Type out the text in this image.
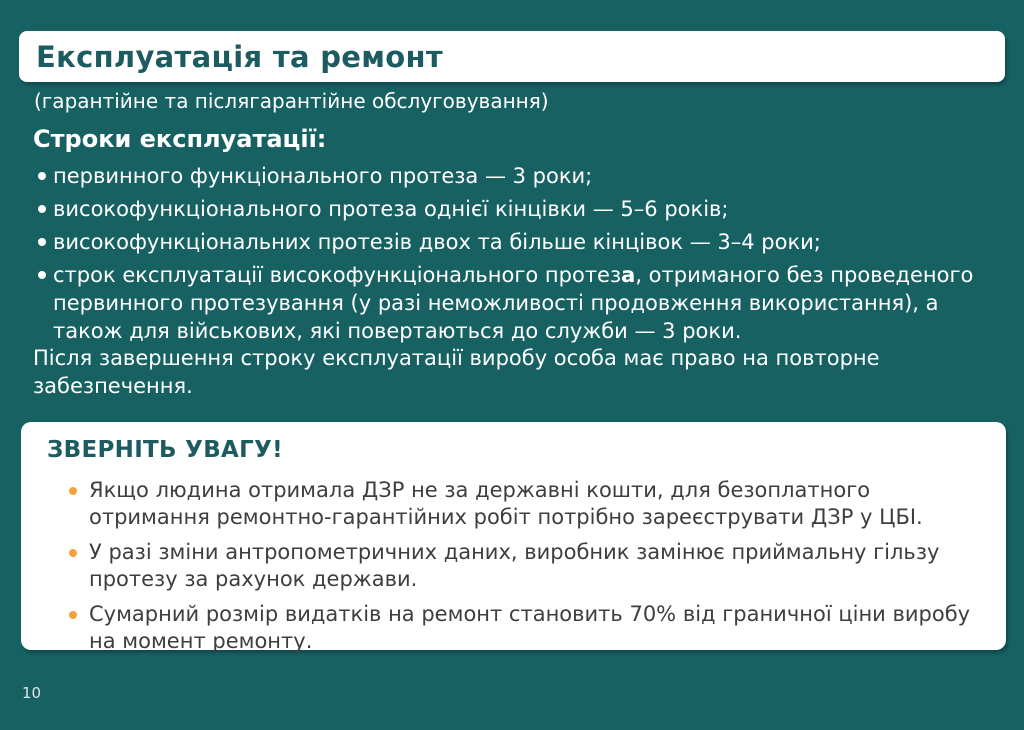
Експлуатація та ремонт
(гарантійне та післягарантійне обслуговування)
Строки експлуатації:
первинного функціонального протеза — 3 роки;
високофункціонального протеза однієї кінцівки — 5–6 років;
високофункціональних протезів двох та більше кінцівок — 3–4 роки;
строк експлуатації високофункціонального протеза, отриманого без проведеного первинного протезування (у разі неможливості продовження використання), а також для військових, які повертаються до служби — 3 роки.

Після завершення строку експлуатації виробу особа має право на повторне забезпечення.

ЗВЕРНІТЬ УВАГУ!
Якщо людина отримала ДЗР не за державні кошти, для безоплатного отримання ремонтно-гарантійних робіт потрібно зареєструвати ДЗР у ЦБІ.
У разі зміни антропометричних даних, виробник замінює приймальну гільзу протезу за рахунок держави.
Сумарний розмір видатків на ремонт становить 70% від граничної ціни виробу на момент ремонту.
10
